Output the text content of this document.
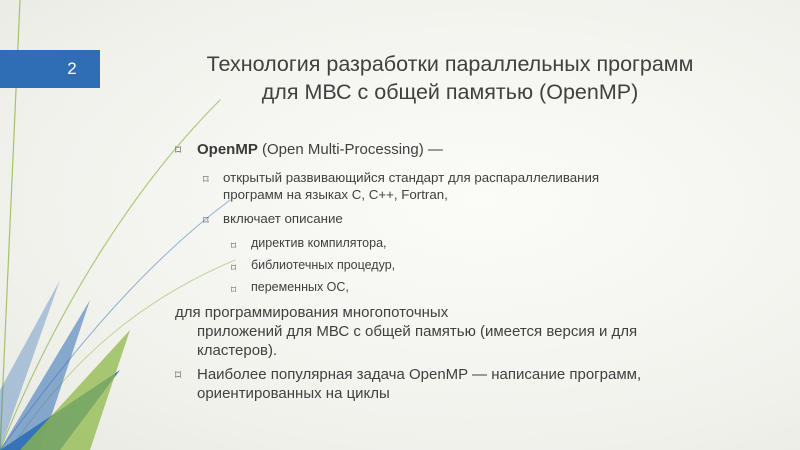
2	Технология разработки параллельных программ
для МВС с общей памятью (OpenMP)
⌑ OpenMP (Open Multi-Processing) —
⌑ открытый развивающийся стандарт для распараллеливания
программ на языках C, C++, Fortran,
⌑ включает описание
⌑ директив компилятора,
⌑ библиотечных процедур,
⌑ переменных ОС,
для программирования многопоточных
приложений для МВС с общей памятью (имеется версия и для
кластеров).
⌑ Наиболее популярная задача OpenMP — написание программ,
ориентированных на циклы
